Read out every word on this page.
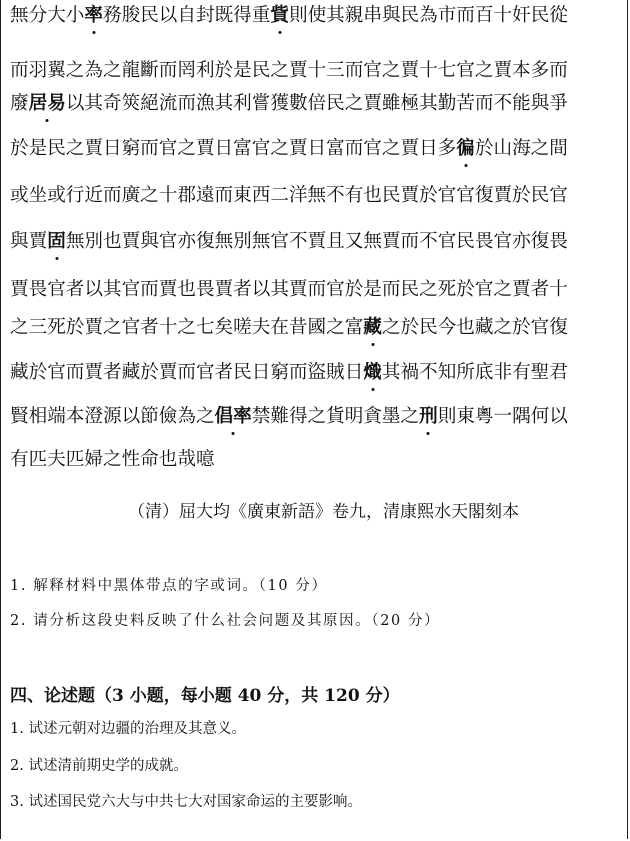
無分大小率務朘民以自封既得重貲則使其親串與民為市而百十奸民從
而羽翼之為之龍斷而罔利於是民之賈十三而官之賈十七官之賈本多而
廢居易以其奇筴絕流而漁其利嘗獲數倍民之賈雖極其勤苦而不能與爭
於是民之賈日窮而官之賈日富官之賈日富而官之賈日多徧於山海之間
或坐或行近而廣之十郡遠而東西二洋無不有也民賈於官官復賈於民官
與賈固無別也賈與官亦復無別無官不賈且又無賈而不官民畏官亦復畏
賈畏官者以其官而賈也畏賈者以其賈而官於是而民之死於官之賈者十
之三死於賈之官者十之七矣嗟夫在昔國之富藏之於民今也藏之於官復
藏於官而賈者藏於賈而官者民日窮而盜賊日熾其禍不知所底非有聖君
賢相端本澄源以節儉為之倡率禁難得之貨明貪墨之刑則東粵一隅何以
有匹夫匹婦之性命也哉噫
（清）屈大均《廣東新語》卷九，清康熙水天閣刻本
1. 解释材料中黑体带点的字或词。（10 分）
2. 请分析这段史料反映了什么社会问题及其原因。（20 分）
四、论述题（3 小题，每小题 40 分，共 120 分）
1. 试述元朝对边疆的治理及其意义。
2. 试述清前期史学的成就。
3. 试述国民党六大与中共七大对国家命运的主要影响。
